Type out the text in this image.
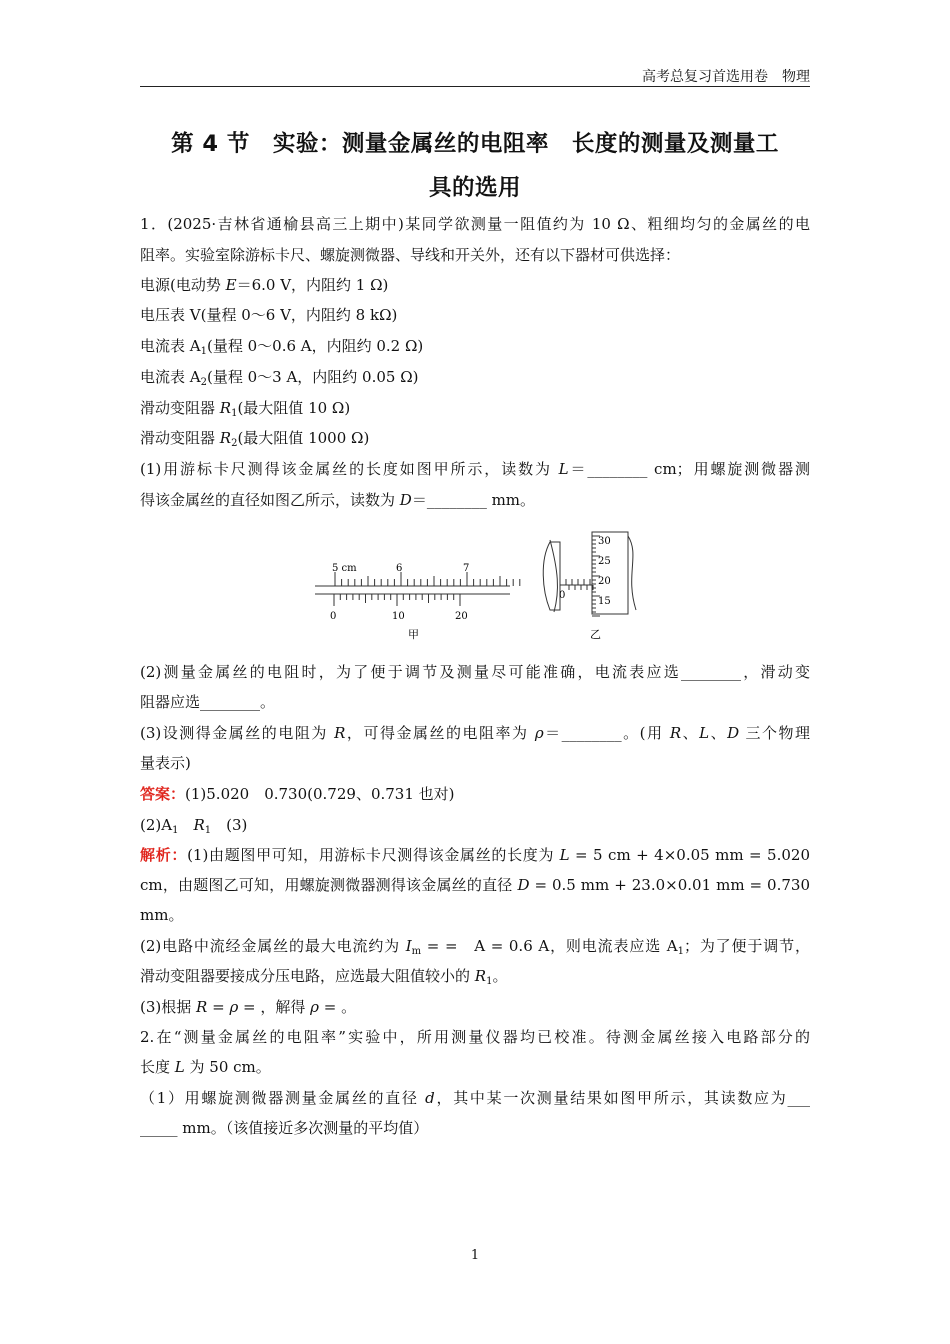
高考总复习首选用卷　物理
第 4 节　实验：测量金属丝的电阻率　长度的测量及测量工
具的选用
1．(2025·吉林省通榆县高三上期中)某同学欲测量一阻值约为 10 Ω、粗细均匀的金属丝的电
阻率。实验室除游标卡尺、螺旋测微器、导线和开关外，还有以下器材可供选择：
电源(电动势 E＝6.0 V，内阻约 1 Ω)
电压表 V(量程 0～6 V，内阻约 8 kΩ)
电流表 $A_1$(量程 0～0.6 A，内阻约 0.2 Ω)
电流表 $A_2$(量程 0～3 A，内阻约 0.05 Ω)
滑动变阻器 $R_1$(最大阻值 10 Ω)
滑动变阻器 $R_2$(最大阻值 1000 Ω)
(1)用游标卡尺测得该金属丝的长度如图甲所示，读数为 L＝________ cm；用螺旋测微器测
得该金属丝的直径如图乙所示，读数为 D＝________ mm。
5 cm	6	7
0	10	20
甲
0
30
25
20
15
乙
(2)测量金属丝的电阻时，为了便于调节及测量尽可能准确，电流表应选________，滑动变
阻器应选________。
(3)设测得金属丝的电阻为 R，可得金属丝的电阻率为 ρ＝________。(用 R、L、D 三个物理
量表示)
答案：(1)5.020　0.730(0.729、0.731 也对)
$(2)A_1$　 $R_1$　(3)
解析：(1)由题图甲可知，用游标卡尺测得该金属丝的长度为 L = 5 cm + 4×0.05 mm = 5.020
cm，由题图乙可知，用螺旋测微器测得该金属丝的直径 D = 0.5 mm + 23.0×0.01 mm = 0.730
mm。
(2)电路中流经金属丝的最大电流约为 $I_m$ = =　A = 0.6 A，则电流表应选 $A_1$；为了便于调节，
滑动变阻器要接成分压电路，应选最大阻值较小的 $R_1$。
(3)根据 R = ρ = ，解得 ρ = 。
2.在“测量金属丝的电阻率”实验中，所用测量仪器均已校准。待测金属丝接入电路部分的
长度 L 为 50 cm。
（1）用螺旋测微器测量金属丝的直径 d，其中某一次测量结果如图甲所示，其读数应为___
_____ mm。（该值接近多次测量的平均值）
1
